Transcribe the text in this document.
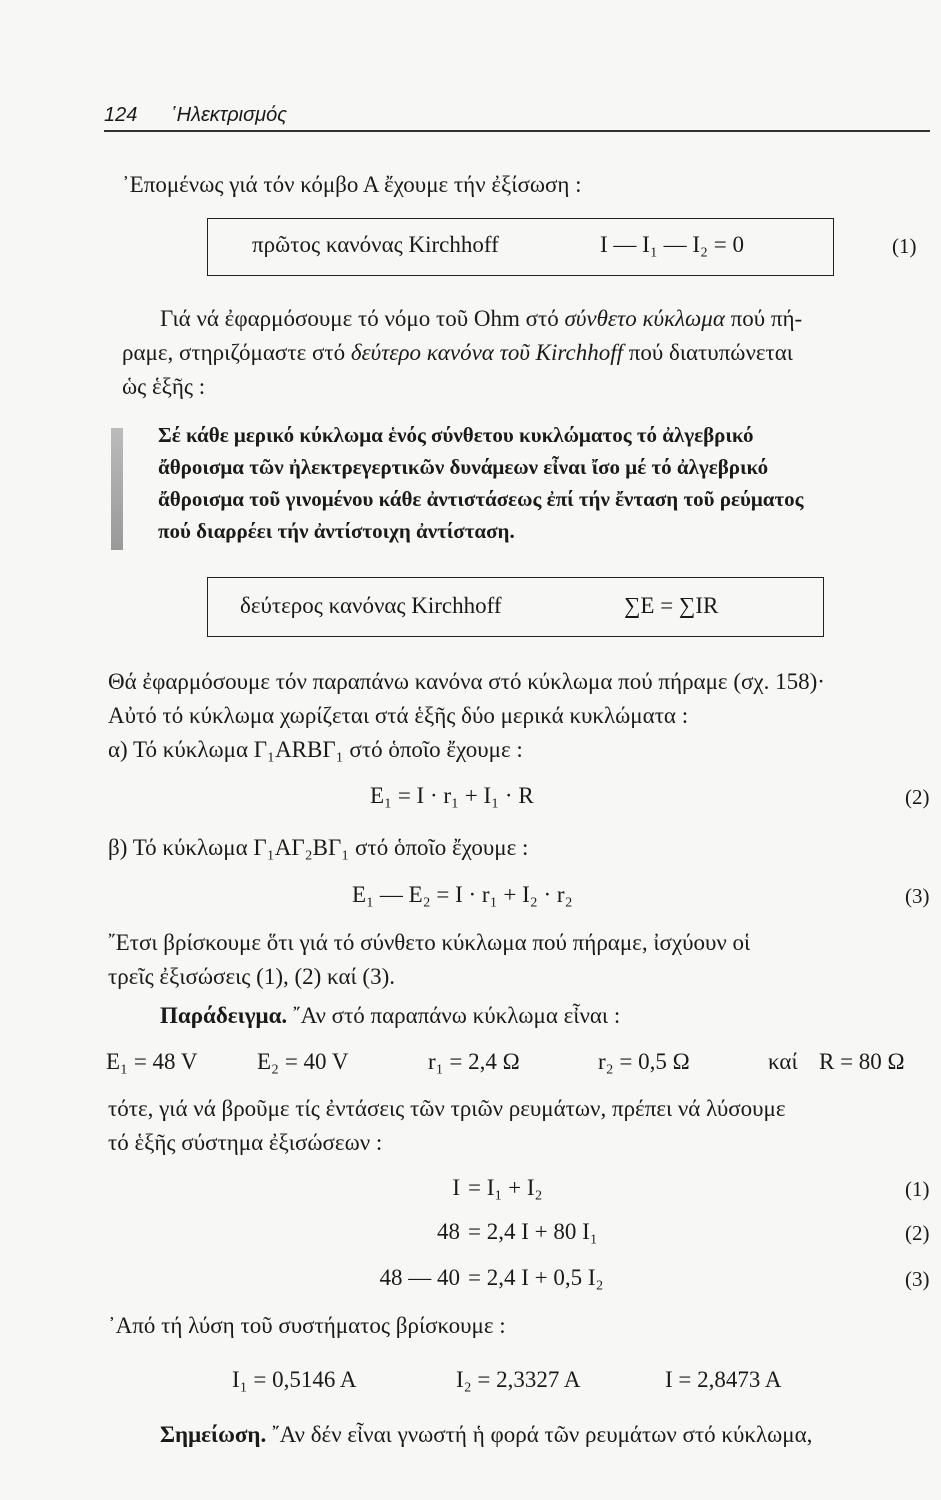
124 ῾Ηλεκτρισμός
᾿Επομένως γιά τόν κόμβο Α ἔχουμε τήν ἐξίσωση :
πρῶτος κανόνας Kirchhoff	I — I₁ — I₂ = 0	(1)
Γιά νά ἐφαρμόσουμε τό νόμο τοῦ Ohm στό σύνθετο κύκλωμα πού πή-
ραμε, στηριζόμαστε στό δεύτερο κανόνα τοῦ Kirchhoff πού διατυπώνεται
ὡς ἑξῆς :
Σέ κάθε μερικό κύκλωμα ἑνός σύνθετου κυκλώματος τό ἀλγεβρικό
ἄθροισμα τῶν ἠλεκτρεγερτικῶν δυνάμεων εἶναι ἴσο μέ τό ἀλγεβρικό
ἄθροισμα τοῦ γινομένου κάθε ἀντιστάσεως ἐπί τήν ἔνταση τοῦ ρεύματος
πού διαρρέει τήν ἀντίστοιχη ἀντίσταση.
δεύτερος κανόνας Kirchhoff	∑E = ∑IR
Θά ἐφαρμόσουμε τόν παραπάνω κανόνα στό κύκλωμα πού πήραμε (σχ. 158)·
Αὐτό τό κύκλωμα χωρίζεται στά ἑξῆς δύο μερικά κυκλώματα :
α) Τό κύκλωμα Γ₁ΑRΒΓ₁ στό ὁποῖο ἔχουμε :
E₁ = I · r₁ + I₁ · R	(2)
β) Τό κύκλωμα Γ₁ΑΓ₂ΒΓ₁ στό ὁποῖο ἔχουμε :
E₁ — E₂ = I · r₁ + I₂ · r₂	(3)
῎Ετσι βρίσκουμε ὅτι γιά τό σύνθετο κύκλωμα πού πήραμε, ἰσχύουν οἱ
τρεῖς ἐξισώσεις (1), (2) καί (3).
Παράδειγμα. ῎Αν στό παραπάνω κύκλωμα εἶναι :
E₁ = 48 V	E₂ = 40 V	r₁ = 2,4 Ω	r₂ = 0,5 Ω	καί R = 80 Ω
τότε, γιά νά βροῦμε τίς ἐντάσεις τῶν τριῶν ρευμάτων, πρέπει νά λύσουμε
τό ἑξῆς σύστημα ἐξισώσεων :
I = I₁ + I₂	(1)
48 = 2,4 I + 80 I₁	(2)
48 — 40 = 2,4 I + 0,5 I₂	(3)
᾿Από τή λύση τοῦ συστήματος βρίσκουμε :
I₁ = 0,5146 A	I₂ = 2,3327 A	I = 2,8473 A
Σημείωση. ῎Αν δέν εἶναι γνωστή ἡ φορά τῶν ρευμάτων στό κύκλωμα,
